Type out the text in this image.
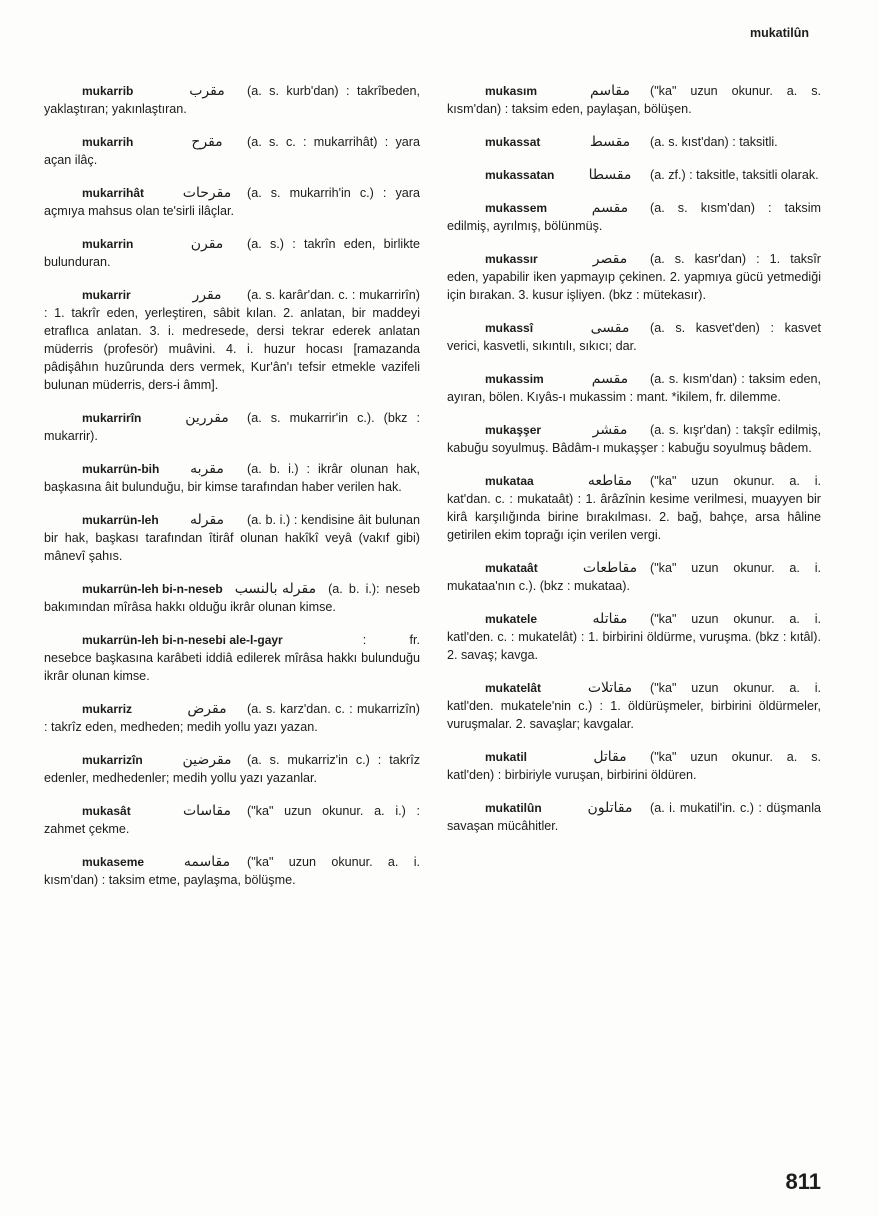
mukatilûn
mukarrib	مقرب (a. s. kurb'dan) : takrîbeden, yaklaştıran; yakınlaştıran.
mukarrih	مقرح (a. s. c. : mukarrihât) : yara açan ilâç.
mukarrihât	مقرحات (a. s. mukarrih'in c.) : yara açmıya mahsus olan te'sirli ilâçlar.
mukarrin	مقرن (a. s.) : takrîn eden, birlikte bulunduran.
mukarrir	مقرر (a. s. karâr'dan. c. : mukarrirîn) : 1. takrîr eden, yerleştiren, sâbit kılan. 2. anlatan, bir maddeyi etraflıca anlatan. 3. i. medresede, dersi tekrar ederek anlatan müderris (profesör) muâvini. 4. i. huzur hocası [ramazanda pâdişâhın huzûrunda ders vermek, Kur'ân'ı tefsir etmekle vazifeli bulunan müderris, ders-i âmm].
mukarrirîn	مقررين (a. s. mukarrir'in c.). (bkz : mukarrir).
mukarrün-bih مقربه (a. b. i.) : ikrâr olunan hak, başkasına âit bulunduğu, bir kimse tarafından haber verilen hak.
mukarrün-leh مقرله (a. b. i.) : kendisine âit bulunan bir hak, başkası tarafından îtirâf olunan hakîkî veyâ (vakıf gibi) mânevî şahıs.
mukarrün-leh bi-n-neseb مقرله بالنسب (a. b. i.): neseb bakımından mîrâsa hakkı olduğu ikrâr olunan kimse.
mukarrün-leh bi-n-nesebi ale-l-gayr	: fr. nesebce başkasına karâbeti iddiâ edilerek mîrâsa hakkı bulunduğu ikrâr olunan kimse.
mukarriz	مقرض (a. s. karz'dan. c. : mukarrizîn) : takrîz eden, medheden; medih yollu yazı yazan.
mukarrizîn	مقرضين (a. s. mukarriz'in c.) : takrîz edenler, medhedenler; medih yollu yazı yazanlar.
mukasât	مقاسات ("ka" uzun okunur. a. i.) : zahmet çekme.
mukaseme	مقاسمه ("ka" uzun okunur. a. i. kısm'dan) : taksim etme, paylaşma, bölüşme.
mukasım	مقاسم ("ka" uzun okunur. a. s. kısm'dan) : taksim eden, paylaşan, bölüşen.
mukassat	مقسط (a. s. kıst'dan) : taksitli.
mukassatan مقسطا (a. zf.) : taksitle, taksitli olarak.
mukassem	مقسم (a. s. kısm'dan) : taksim edilmiş, ayrılmış, bölünmüş.
mukassır	مقصر (a. s. kasr'dan) : 1. taksîr eden, yapabilir iken yapmayıp çekinen. 2. yapmıya gücü yetmediği için bırakan. 3. kusur işliyen. (bkz : mütekasır).
mukassî	مقسى (a. s. kasvet'den) : kasvet verici, kasvetli, sıkıntılı, sıkıcı; dar.
mukassim	مقسم (a. s. kısm'dan) : taksim eden, ayıran, bölen. Kıyâs-ı mukassim : mant. *ikilem, fr. dilemme.
mukaşşer	مقشر (a. s. kışr'dan) : takşîr edilmiş, kabuğu soyulmuş. Bâdâm-ı mukaşşer : kabuğu soyulmuş bâdem.
mukataa	مقاطعه ("ka" uzun okunur. a. i. kat'dan. c. : mukataât) : 1. ârâzînin kesime verilmesi, muayyen bir kirâ karşılığında birine bırakılması. 2. bağ, bahçe, arsa hâline getirilen ekim toprağı için verilen vergi.
mukataât	مقاطعات ("ka" uzun okunur. a. i. mukataa'nın c.). (bkz : mukataa).
mukatele	مقاتله ("ka" uzun okunur. a. i. katl'den. c. : mukatelât) : 1. birbirini öldürme, vuruşma. (bkz : kıtâl). 2. savaş; kavga.
mukatelât	مقاتلات ("ka" uzun okunur. a. i. katl'den. mukatele'nin c.) : 1. öldürüşmeler, birbirini öldürmeler, vuruşmalar. 2. savaşlar; kavgalar.
mukatil	مقاتل ("ka" uzun okunur. a. s. katl'den) : birbiriyle vuruşan, birbirini öldüren.
mukatilûn	مقاتلون (a. i. mukatil'in. c.) : düşmanla savaşan mücâhitler.
811
